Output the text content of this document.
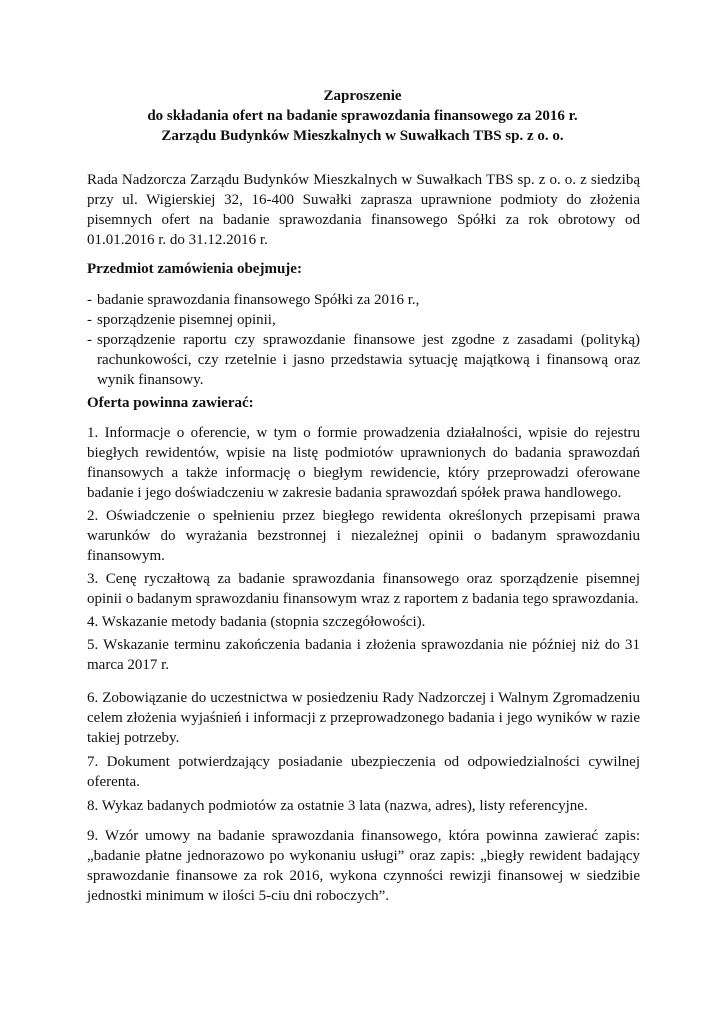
Zaproszenie
do składania ofert na badanie sprawozdania finansowego za 2016 r.
Zarządu Budynków Mieszkalnych w Suwałkach TBS sp. z o. o.

Rada Nadzorcza Zarządu Budynków Mieszkalnych w Suwałkach TBS sp. z o. o. z siedzibą przy ul. Wigierskiej 32, 16-400 Suwałki zaprasza uprawnione podmioty do złożenia pisemnych ofert na badanie sprawozdania finansowego Spółki za rok obrotowy od 01.01.2016 r. do 31.12.2016 r.

Przedmiot zamówienia obejmuje:
- badanie sprawozdania finansowego Spółki za 2016 r.,
- sporządzenie pisemnej opinii,
- sporządzenie raportu czy sprawozdanie finansowe jest zgodne z zasadami (polityką) rachunkowości, czy rzetelnie i jasno przedstawia sytuację majątkową i finansową oraz wynik finansowy.
Oferta powinna zawierać:

1. Informacje o oferencie, w tym o formie prowadzenia działalności, wpisie do rejestru biegłych rewidentów, wpisie na listę podmiotów uprawnionych do badania sprawozdań finansowych a także informację o biegłym rewidencie, który przeprowadzi oferowane badanie i jego doświadczeniu w zakresie badania sprawozdań spółek prawa handlowego.

2. Oświadczenie o spełnieniu przez biegłego rewidenta określonych przepisami prawa warunków do wyrażania bezstronnej i niezależnej opinii o badanym sprawozdaniu finansowym.

3. Cenę ryczałtową za badanie sprawozdania finansowego oraz sporządzenie pisemnej opinii o badanym sprawozdaniu finansowym wraz z raportem z badania tego sprawozdania.

4. Wskazanie metody badania (stopnia szczegółowości).

5. Wskazanie terminu zakończenia badania i złożenia sprawozdania nie później niż do 31 marca 2017 r.

6. Zobowiązanie do uczestnictwa w posiedzeniu Rady Nadzorczej i Walnym Zgromadzeniu celem złożenia wyjaśnień i informacji z przeprowadzonego badania i jego wyników w razie takiej potrzeby.

7. Dokument potwierdzający posiadanie ubezpieczenia od odpowiedzialności cywilnej oferenta.

8. Wykaz badanych podmiotów za ostatnie 3 lata (nazwa, adres), listy referencyjne.

9. Wzór umowy na badanie sprawozdania finansowego, która powinna zawierać zapis: „badanie płatne jednorazowo po wykonaniu usługi” oraz zapis: „biegły rewident badający sprawozdanie finansowe za rok 2016, wykona czynności rewizji finansowej w siedzibie jednostki minimum w ilości 5-ciu dni roboczych”.
